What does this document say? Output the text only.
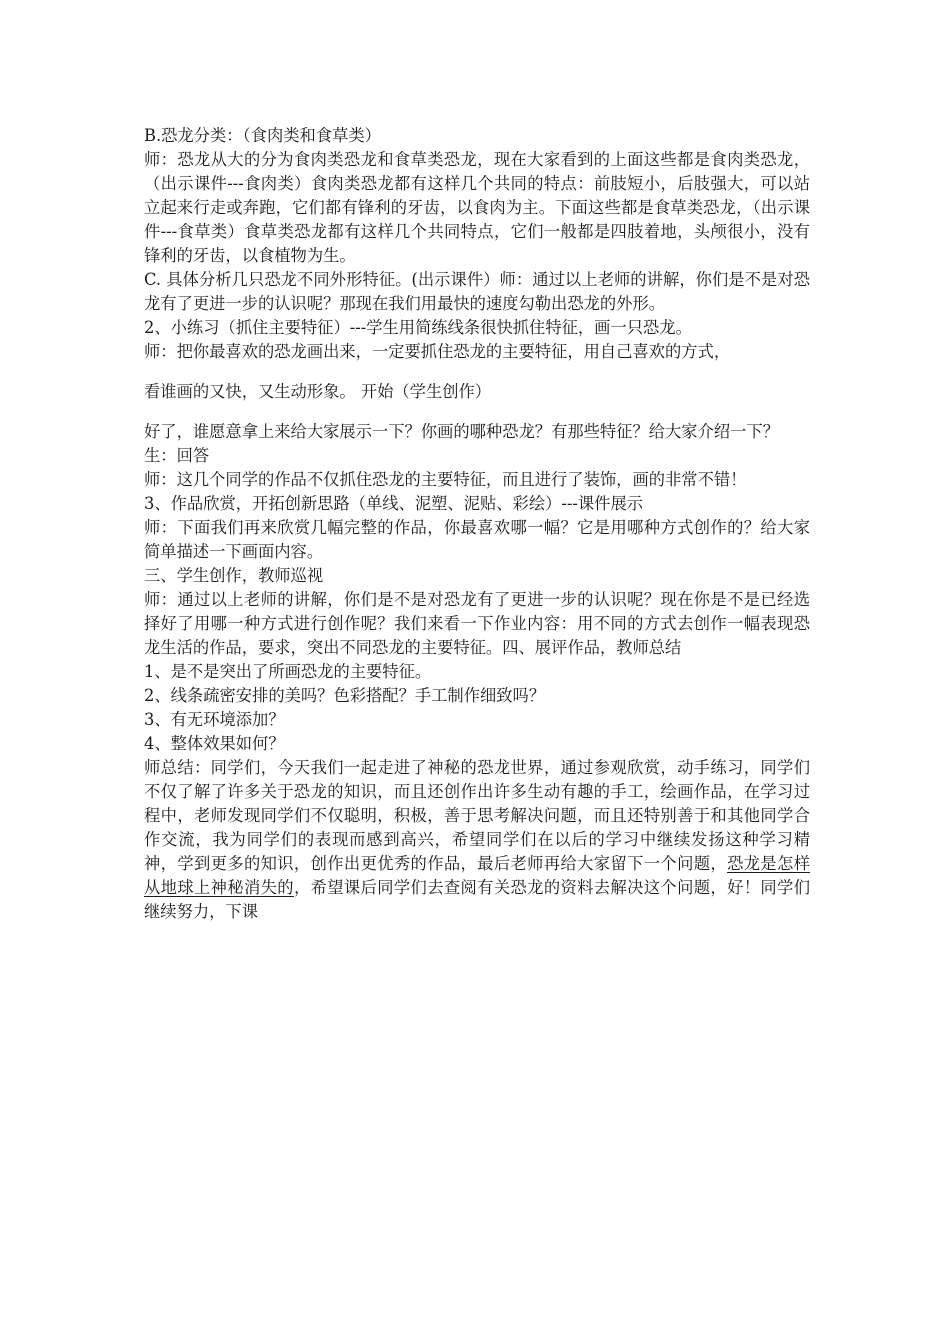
B.恐龙分类：（食肉类和食草类）

师：恐龙从大的分为食肉类恐龙和食草类恐龙，现在大家看到的上面这些都是食肉类恐龙，（出示课件---食肉类）食肉类恐龙都有这样几个共同的特点：前肢短小，后肢强大，可以站立起来行走或奔跑，它们都有锋利的牙齿，以食肉为主。下面这些都是食草类恐龙，（出示课件---食草类）食草类恐龙都有这样几个共同特点，它们一般都是四肢着地，头颅很小，没有锋利的牙齿，以食植物为生。

C. 具体分析几只恐龙不同外形特征。(出示课件）师：通过以上老师的讲解，你们是不是对恐龙有了更进一步的认识呢？那现在我们用最快的速度勾勒出恐龙的外形。

2、小练习（抓住主要特征）---学生用简练线条很快抓住特征，画一只恐龙。

师：把你最喜欢的恐龙画出来，一定要抓住恐龙的主要特征，用自己喜欢的方式，

看谁画的又快，又生动形象。 开始（学生创作）

好了，谁愿意拿上来给大家展示一下？你画的哪种恐龙？有那些特征？给大家介绍一下？

生：回答

师：这几个同学的作品不仅抓住恐龙的主要特征，而且进行了装饰，画的非常不错！

3、作品欣赏，开拓创新思路（单线、泥塑、泥贴、彩绘）---课件展示

师：下面我们再来欣赏几幅完整的作品，你最喜欢哪一幅？它是用哪种方式创作的？给大家简单描述一下画面内容。

三、学生创作，教师巡视

师：通过以上老师的讲解，你们是不是对恐龙有了更进一步的认识呢？现在你是不是已经选择好了用哪一种方式进行创作呢？我们来看一下作业内容：用不同的方式去创作一幅表现恐龙生活的作品，要求，突出不同恐龙的主要特征。四、展评作品，教师总结

1、是不是突出了所画恐龙的主要特征。

2、线条疏密安排的美吗？色彩搭配？手工制作细致吗？

3、有无环境添加？

4、整体效果如何？

师总结：同学们，今天我们一起走进了神秘的恐龙世界，通过参观欣赏，动手练习，同学们不仅了解了许多关于恐龙的知识，而且还创作出许多生动有趣的手工，绘画作品，在学习过程中，老师发现同学们不仅聪明，积极，善于思考解决问题，而且还特别善于和其他同学合作交流，我为同学们的表现而感到高兴，希望同学们在以后的学习中继续发扬这种学习精神，学到更多的知识，创作出更优秀的作品，最后老师再给大家留下一个问题，恐龙是怎样从地球上神秘消失的，希望课后同学们去查阅有关恐龙的资料去解决这个问题，好！同学们继续努力，下课
